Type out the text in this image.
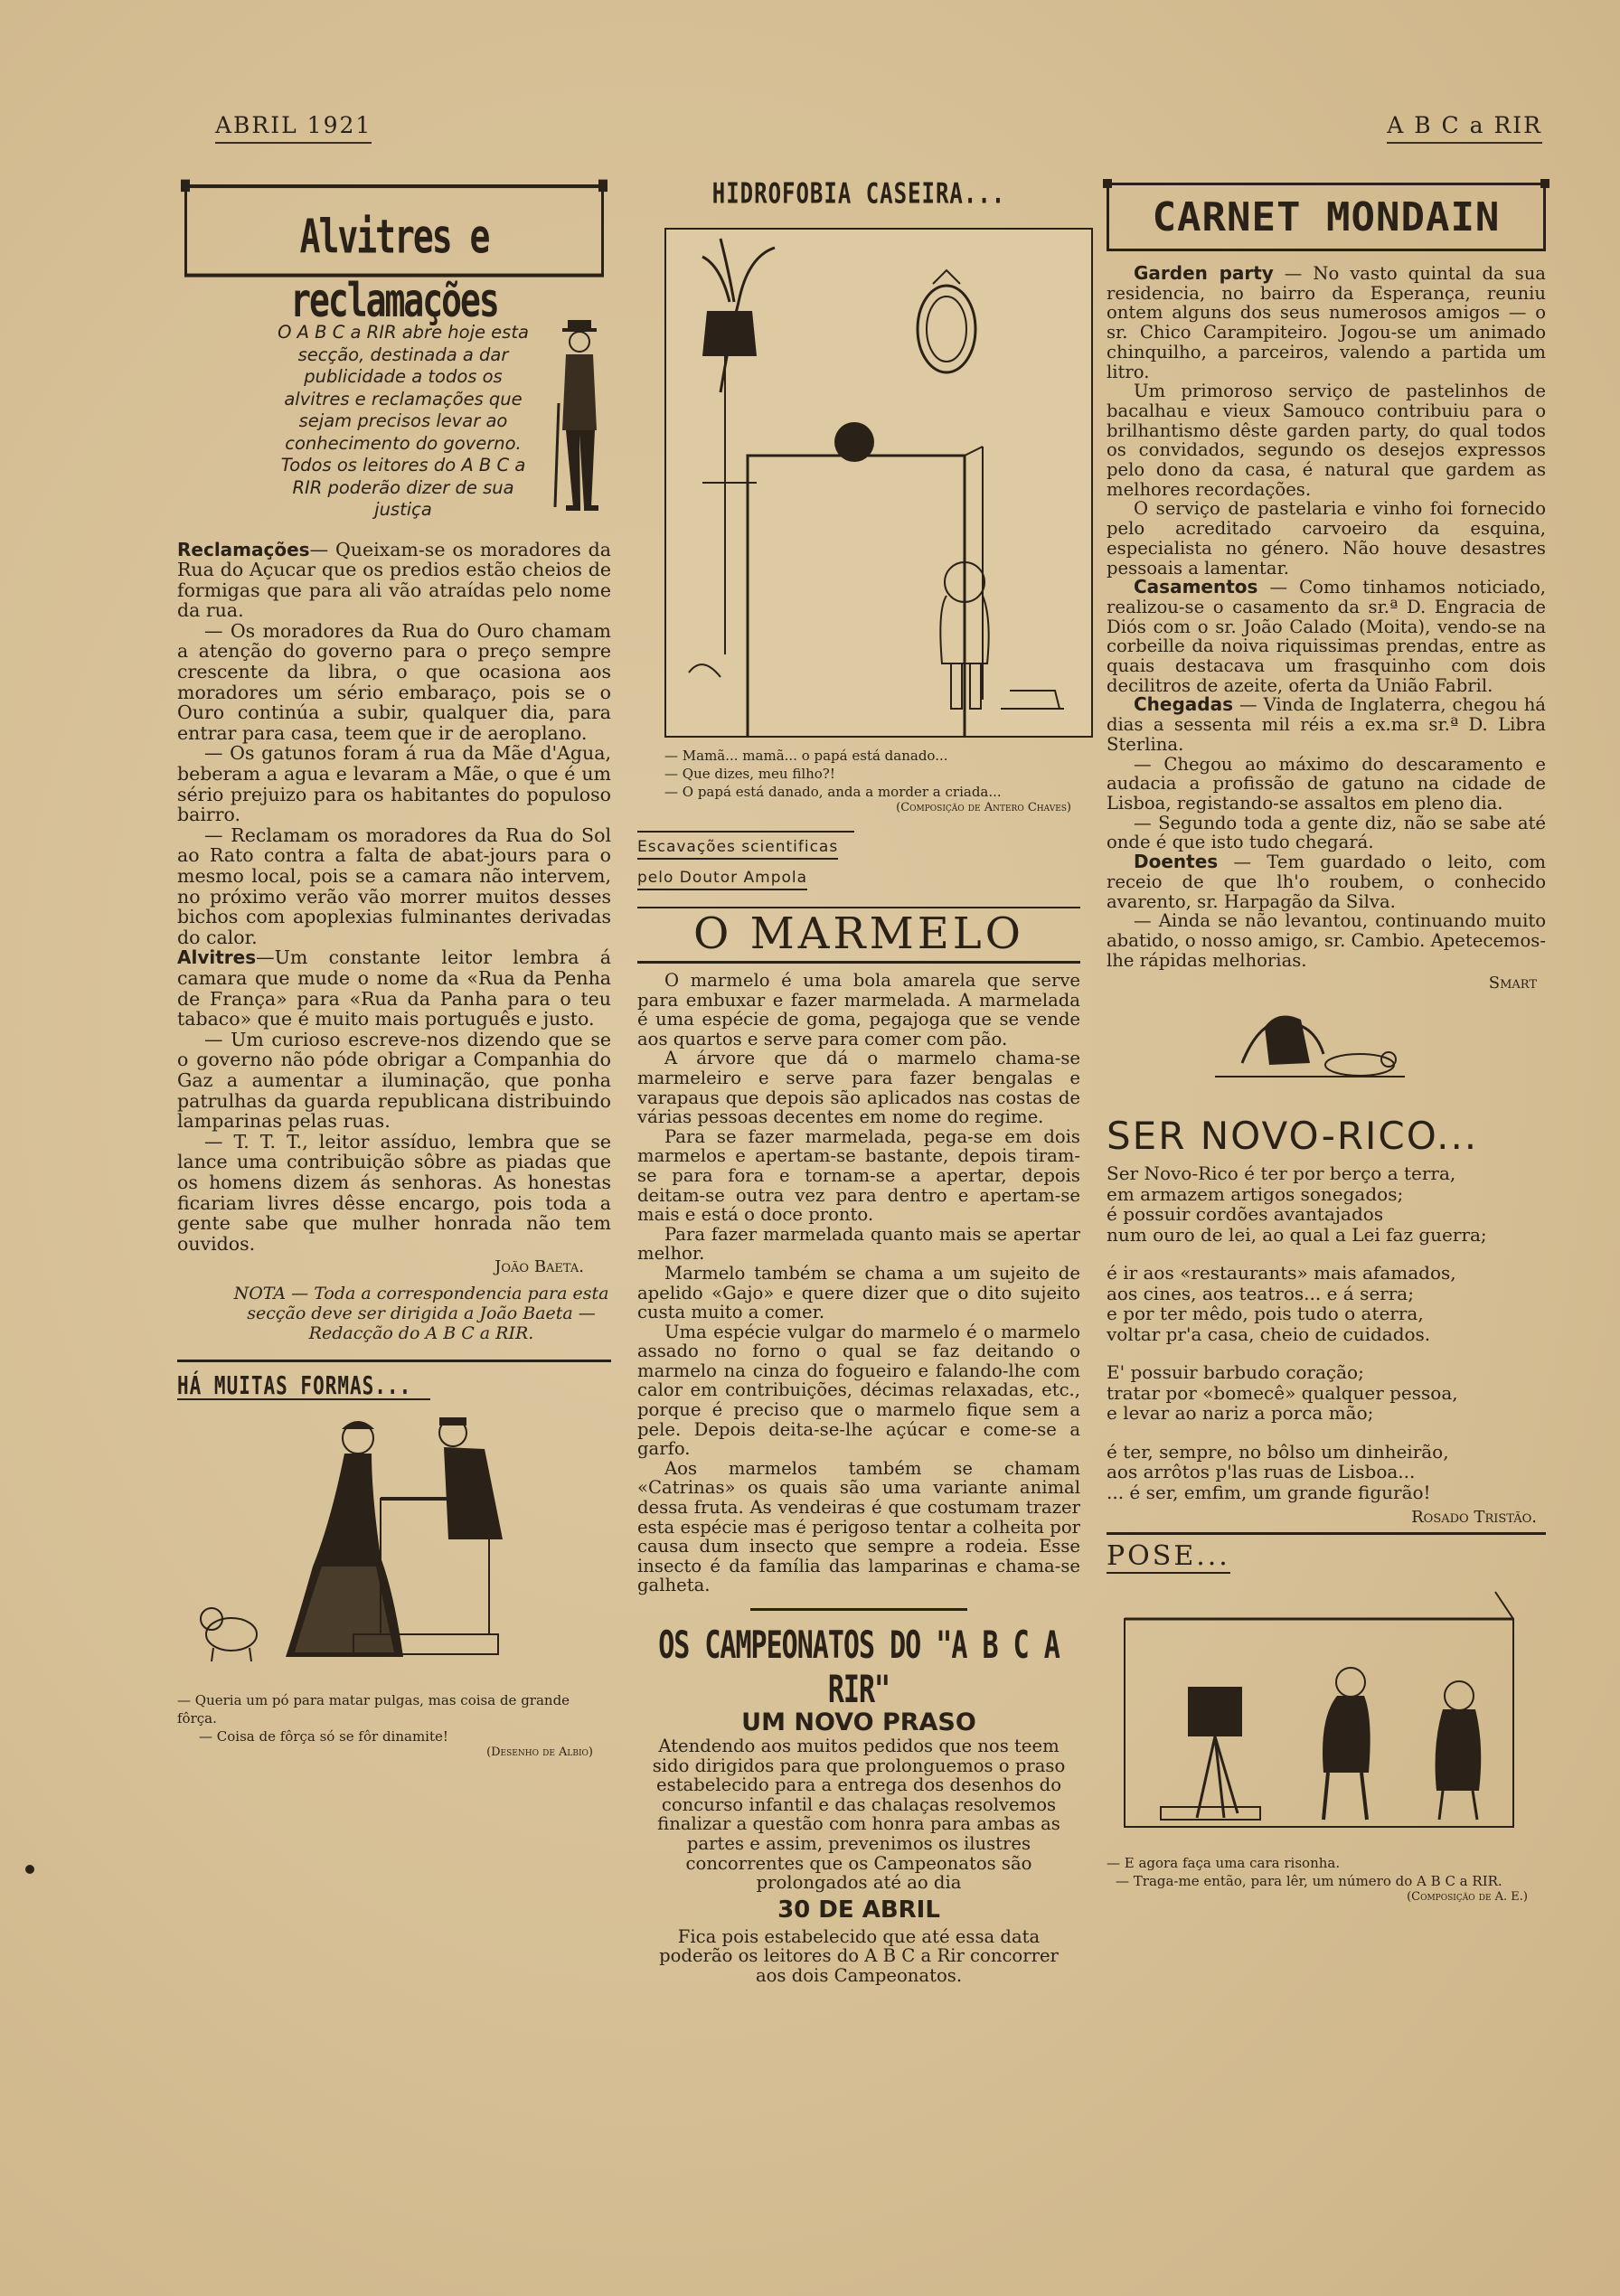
ABRIL 1921	A B C a RIR
Alvitres e reclamações
O A B C a RIR abre hoje esta secção, destinada a dar publicidade a todos os alvitres e reclamações que sejam precisos levar ao conhecimento do governo. Todos os leitores do A B C a RIR poderão dizer de sua justiça

Reclamações— Queixam-se os moradores da Rua do Açucar que os predios estão cheios de formigas que para ali vão atraídas pelo nome da rua.

— Os moradores da Rua do Ouro chamam a atenção do governo para o preço sempre crescente da libra, o que ocasiona aos moradores um sério embaraço, pois se o Ouro continúa a subir, qualquer dia, para entrar para casa, teem que ir de aeroplano.

— Os gatunos foram á rua da Mãe d'Agua, beberam a agua e levaram a Mãe, o que é um sério prejuizo para os habitantes do populoso bairro.

— Reclamam os moradores da Rua do Sol ao Rato contra a falta de abat-jours para o mesmo local, pois se a camara não intervem, no próximo verão vão morrer muitos desses bichos com apoplexias fulminantes derivadas do calor.

Alvitres—Um constante leitor lembra á camara que mude o nome da «Rua da Penha de França» para «Rua da Panha para o teu tabaco» que é muito mais português e justo.

— Um curioso escreve-nos dizendo que se o governo não póde obrigar a Companhia do Gaz a aumentar a iluminação, que ponha patrulhas da guarda republicana distribuindo lamparinas pelas ruas.

— T. T. T., leitor assíduo, lembra que se lance uma contribuição sôbre as piadas que os homens dizem ás senhoras. As honestas ficariam livres dêsse encargo, pois toda a gente sabe que mulher honrada não tem ouvidos.

João Baeta.
NOTA — Toda a correspondencia para esta secção deve ser dirigida a João Baeta — Redacção do A B C a RIR.
HÁ MUITAS FORMAS...
— Queria um pó para matar pulgas, mas coisa de grande fôrça.
— Coisa de fôrça só se fôr dinamite!
(Desenho de Albio)
HIDROFOBIA CASEIRA...
— Mamã... mamã... o papá está danado...
— Que dizes, meu filho?!
— O papá está danado, anda a morder a criada...
(Composição de Antero Chaves)
Escavações scientificas
pelo Doutor Ampola
O MARMELO

O marmelo é uma bola amarela que serve para embuxar e fazer marmelada. A marmelada é uma espécie de goma, pegajoga que se vende aos quartos e serve para comer com pão.

A árvore que dá o marmelo chama-se marmeleiro e serve para fazer bengalas e varapaus que depois são aplicados nas costas de várias pessoas decentes em nome do regime.

Para se fazer marmelada, pega-se em dois marmelos e apertam-se bastante, depois tiram-se para fora e tornam-se a apertar, depois deitam-se outra vez para dentro e apertam-se mais e está o doce pronto.

Para fazer marmelada quanto mais se apertar melhor.

Marmelo também se chama a um sujeito de apelido «Gajo» e quere dizer que o dito sujeito custa muito a comer.

Uma espécie vulgar do marmelo é o marmelo assado no forno o qual se faz deitando o marmelo na cinza do fogueiro e falando-lhe com calor em contribuições, décimas relaxadas, etc., porque é preciso que o marmelo fique sem a pele. Depois deita-se-lhe açúcar e come-se a garfo.

Aos marmelos também se chamam «Catrinas» os quais são uma variante animal dessa fruta. As vendeiras é que costumam trazer esta espécie mas é perigoso tentar a colheita por causa dum insecto que sempre a rodeia. Esse insecto é da família das lamparinas e chama-se galheta.

OS CAMPEONATOS DO "A B C A RIR"
UM NOVO PRASO
Atendendo aos muitos pedidos que nos teem sido dirigidos para que prolonguemos o praso estabelecido para a entrega dos desenhos do concurso infantil e das chalaças resolvemos finalizar a questão com honra para ambas as partes e assim, prevenimos os ilustres concorrentes que os Campeonatos são prolongados até ao dia
30 DE ABRIL
Fica pois estabelecido que até essa data poderão os leitores do A B C a Rir concorrer aos dois Campeonatos.
CARNET MONDAIN

Garden party — No vasto quintal da sua residencia, no bairro da Esperança, reuniu ontem alguns dos seus numerosos amigos — o sr. Chico Carampiteiro. Jogou-se um animado chinquilho, a parceiros, valendo a partida um litro.

Um primoroso serviço de pastelinhos de bacalhau e vieux Samouco contribuiu para o brilhantismo dêste garden party, do qual todos os convidados, segundo os desejos expressos pelo dono da casa, é natural que gardem as melhores recordações.

O serviço de pastelaria e vinho foi fornecido pelo acreditado carvoeiro da esquina, especialista no género. Não houve desastres pessoais a lamentar.

Casamentos — Como tinhamos noticiado, realizou-se o casamento da sr.ª D. Engracia de Diós com o sr. João Calado (Moita), vendo-se na corbeille da noiva riquissimas prendas, entre as quais destacava um frasquinho com dois decilitros de azeite, oferta da União Fabril.

Chegadas — Vinda de Inglaterra, chegou há dias a sessenta mil réis a ex.ma sr.ª D. Libra Sterlina.

— Chegou ao máximo do descaramento e audacia a profissão de gatuno na cidade de Lisboa, registando-se assaltos em pleno dia.

— Segundo toda a gente diz, não se sabe até onde é que isto tudo chegará.

Doentes — Tem guardado o leito, com receio de que lh'o roubem, o conhecido avarento, sr. Harpagão da Silva.

— Ainda se não levantou, continuando muito abatido, o nosso amigo, sr. Cambio. Apetecemos-lhe rápidas melhorias.

Smart
SER NOVO-RICO...
Ser Novo-Rico é ter por berço a terra,
em armazem artigos sonegados;
é possuir cordões avantajados
num ouro de lei, ao qual a Lei faz guerra;
é ir aos «restaurants» mais afamados,
aos cines, aos teatros... e á serra;
e por ter mêdo, pois tudo o aterra,
voltar pr'a casa, cheio de cuidados.
E' possuir barbudo coração;
tratar por «bomecê» qualquer pessoa,
e levar ao nariz a porca mão;
é ter, sempre, no bôlso um dinheirão,
aos arrôtos p'las ruas de Lisboa...
... é ser, emfim, um grande figurão!
Rosado Tristão.
POSE...
— E agora faça uma cara risonha.
— Traga-me então, para lêr, um número do A B C a RIR.
(Composição de A. E.)
